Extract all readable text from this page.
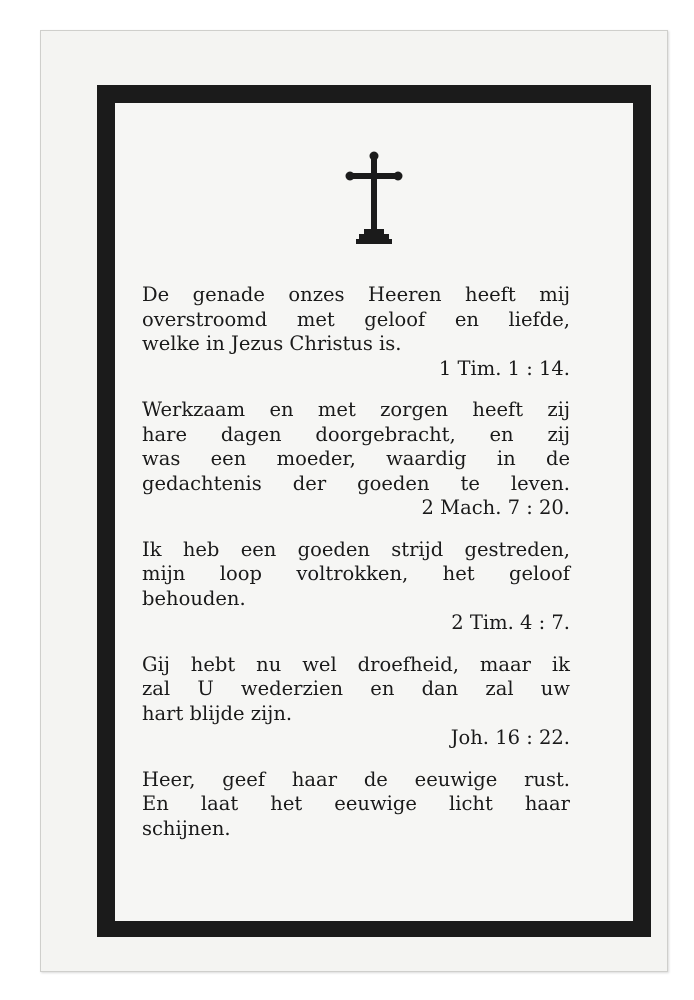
De genade onzes Heeren heeft mij
overstroomd met geloof en liefde,
welke in Jezus Christus is.
1 Tim. 1 : 14.
Werkzaam en met zorgen heeft zij
hare dagen doorgebracht, en zij
was een moeder, waardig in de
gedachtenis der goeden te leven.
2 Mach. 7 : 20.
Ik heb een goeden strijd gestreden,
mijn loop voltrokken, het geloof
behouden.
2 Tim. 4 : 7.
Gij hebt nu wel droefheid, maar ik
zal U wederzien en dan zal uw
hart blijde zijn.
Joh. 16 : 22.
Heer, geef haar de eeuwige rust.
En laat het eeuwige licht haar
schijnen.
